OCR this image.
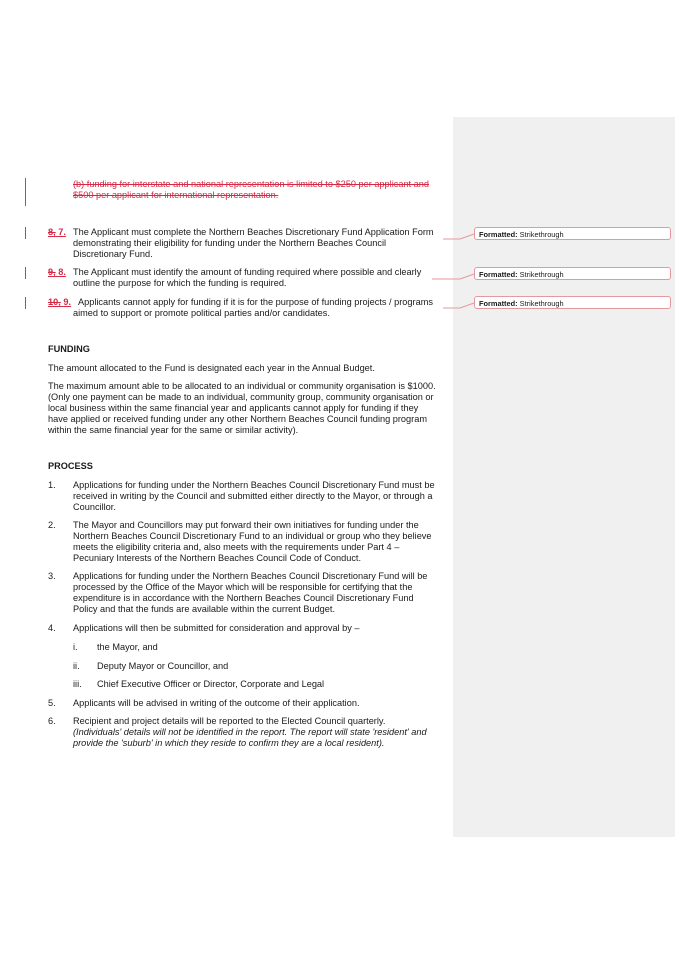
(b) funding for interstate and national representation is limited to $250 per applicant and
$500 per applicant for international representation.
8, 7. The Applicant must complete the Northern Beaches Discretionary Fund Application Form
demonstrating their eligibility for funding under the Northern Beaches Council
Discretionary Fund.
9, 8. The Applicant must identify the amount of funding required where possible and clearly
outline the purpose for which the funding is required.
10, 9. Applicants cannot apply for funding if it is for the purpose of funding projects / programs
aimed to support or promote political parties and/or candidates.
Formatted: Strikethrough
Formatted: Strikethrough
Formatted: Strikethrough
FUNDING
The amount allocated to the Fund is designated each year in the Annual Budget.
The maximum amount able to be allocated to an individual or community organisation is $1000.
(Only one payment can be made to an individual, community group, community organisation or
local business within the same financial year and applicants cannot apply for funding if they
have applied or received funding under any other Northern Beaches Council funding program
within the same financial year for the same or similar activity).
PROCESS
1. Applications for funding under the Northern Beaches Council Discretionary Fund must be
received in writing by the Council and submitted either directly to the Mayor, or through a
Councillor.
2. The Mayor and Councillors may put forward their own initiatives for funding under the
Northern Beaches Council Discretionary Fund to an individual or group who they believe
meets the eligibility criteria and, also meets with the requirements under Part 4 –
Pecuniary Interests of the Northern Beaches Council Code of Conduct.
3. Applications for funding under the Northern Beaches Council Discretionary Fund will be
processed by the Office of the Mayor which will be responsible for certifying that the
expenditure is in accordance with the Northern Beaches Council Discretionary Fund
Policy and that the funds are available within the current Budget.
4. Applications will then be submitted for consideration and approval by –
i. the Mayor, and
ii. Deputy Mayor or Councillor, and
iii. Chief Executive Officer or Director, Corporate and Legal
5. Applicants will be advised in writing of the outcome of their application.
6. Recipient and project details will be reported to the Elected Council quarterly.
(Individuals' details will not be identified in the report. The report will state 'resident' and
provide the 'suburb' in which they reside to confirm they are a local resident).
